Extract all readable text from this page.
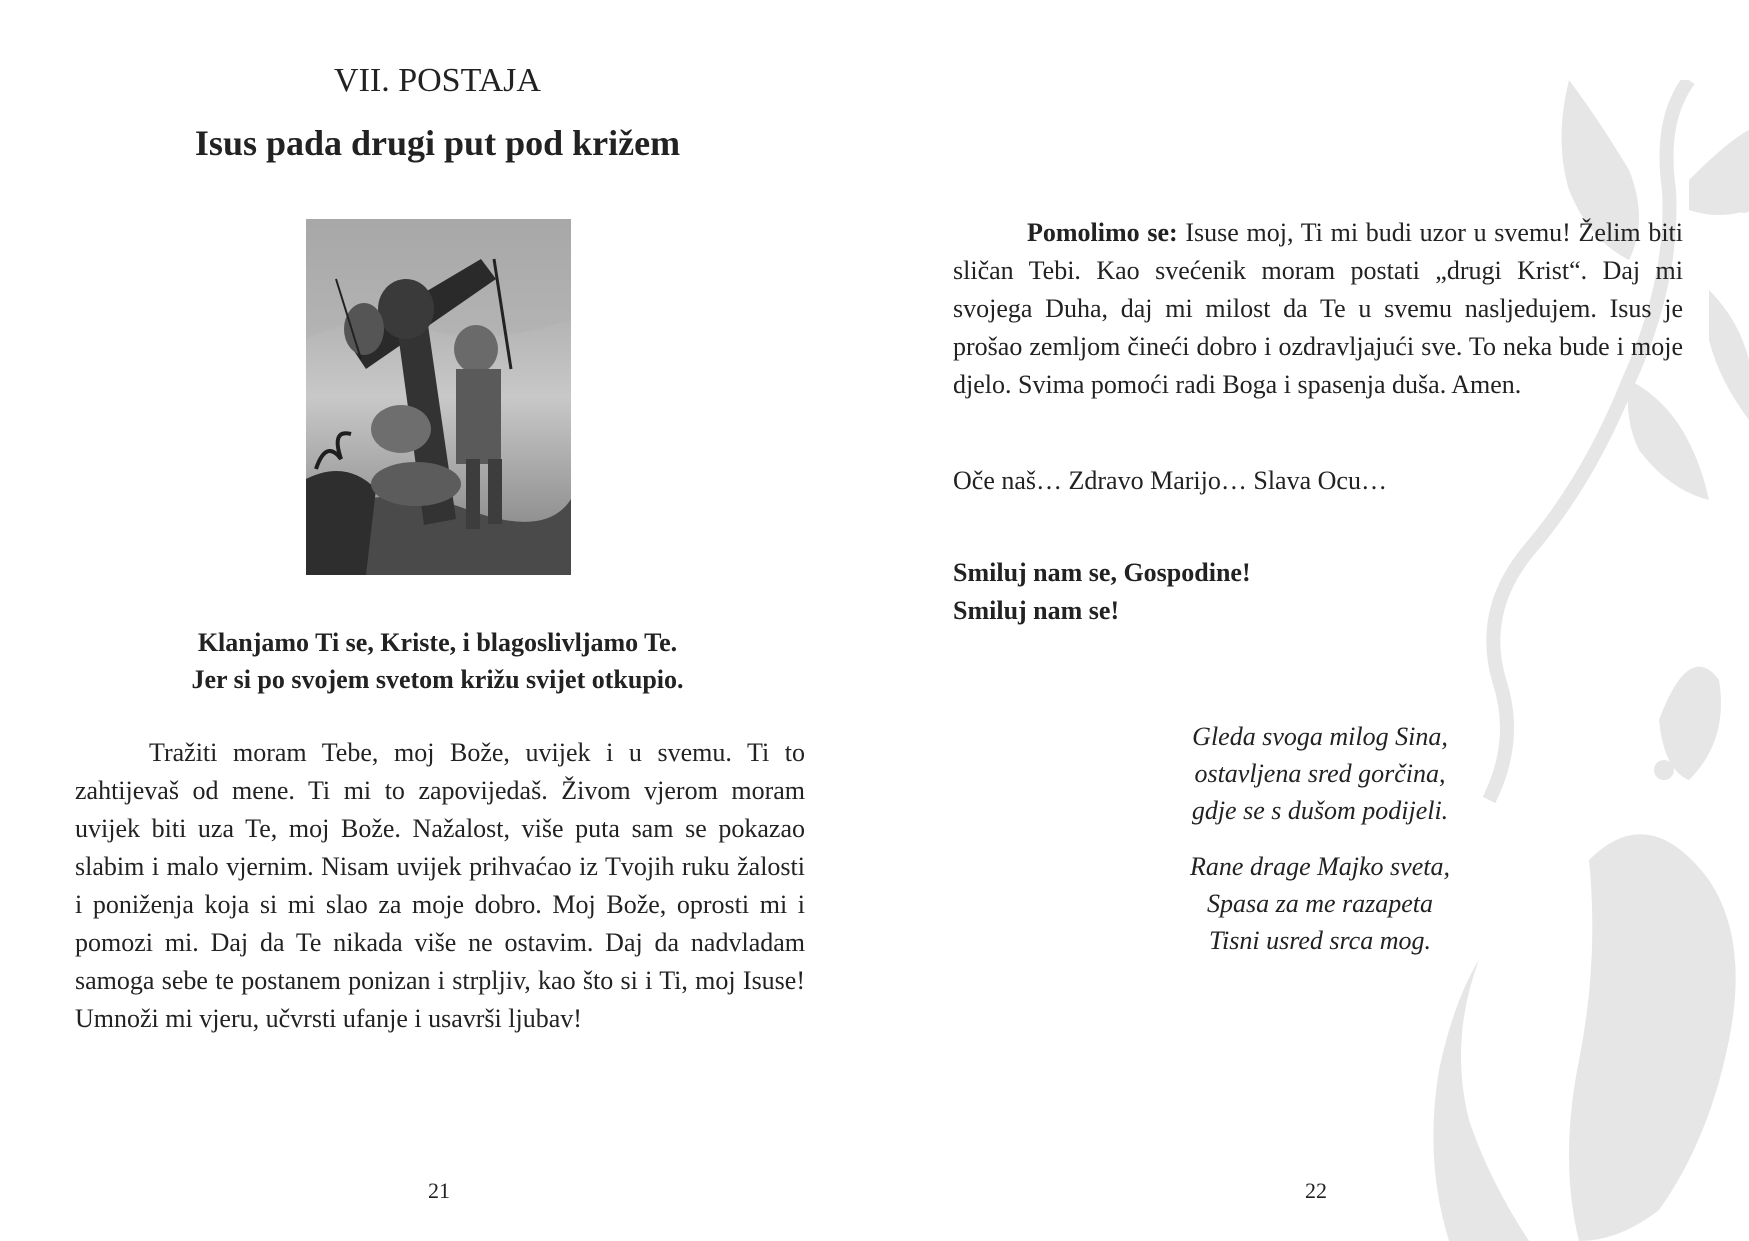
VII. POSTAJA
Isus pada drugi put pod križem
Klanjamo Ti se, Kriste, i blagoslivljamo Te.
Jer si po svojem svetom križu svijet otkupio.

Tražiti moram Tebe, moj Bože, uvijek i u svemu. Ti to zahtijevaš od mene. Ti mi to zapovijedaš. Živom vjerom moram uvijek biti uza Te, moj Bože. Nažalost, više puta sam se pokazao slabim i malo vjernim. Nisam uvijek prihvaćao iz Tvojih ruku žalosti i poniženja koja si mi slao za moje dobro. Moj Bože, oprosti mi i pomozi mi. Daj da Te nikada više ne ostavim. Daj da nadvladam samoga sebe te postanem ponizan i strpljiv, kao što si i Ti, moj Isuse! Umnoži mi vjeru, učvrsti ufanje i usavrši ljubav!

21

Pomolimo se: Isuse moj, Ti mi budi uzor u svemu! Želim biti sličan Tebi. Kao svećenik moram postati „drugi Krist“. Daj mi svojega Duha, daj mi milost da Te u svemu nasljedujem. Isus je prošao zemljom čineći dobro i ozdravljajući sve. To neka bude i moje djelo. Svima pomoći radi Boga i spasenja duša. Amen.

Oče naš… Zdravo Marijo… Slava Ocu…

Smiluj nam se, Gospodine!
Smiluj nam se!
Gleda svoga milog Sina,
ostavljena sred gorčina,
gdje se s dušom podijeli.
Rane drage Majko sveta,
Spasa za me razapeta
Tisni usred srca mog.
22
